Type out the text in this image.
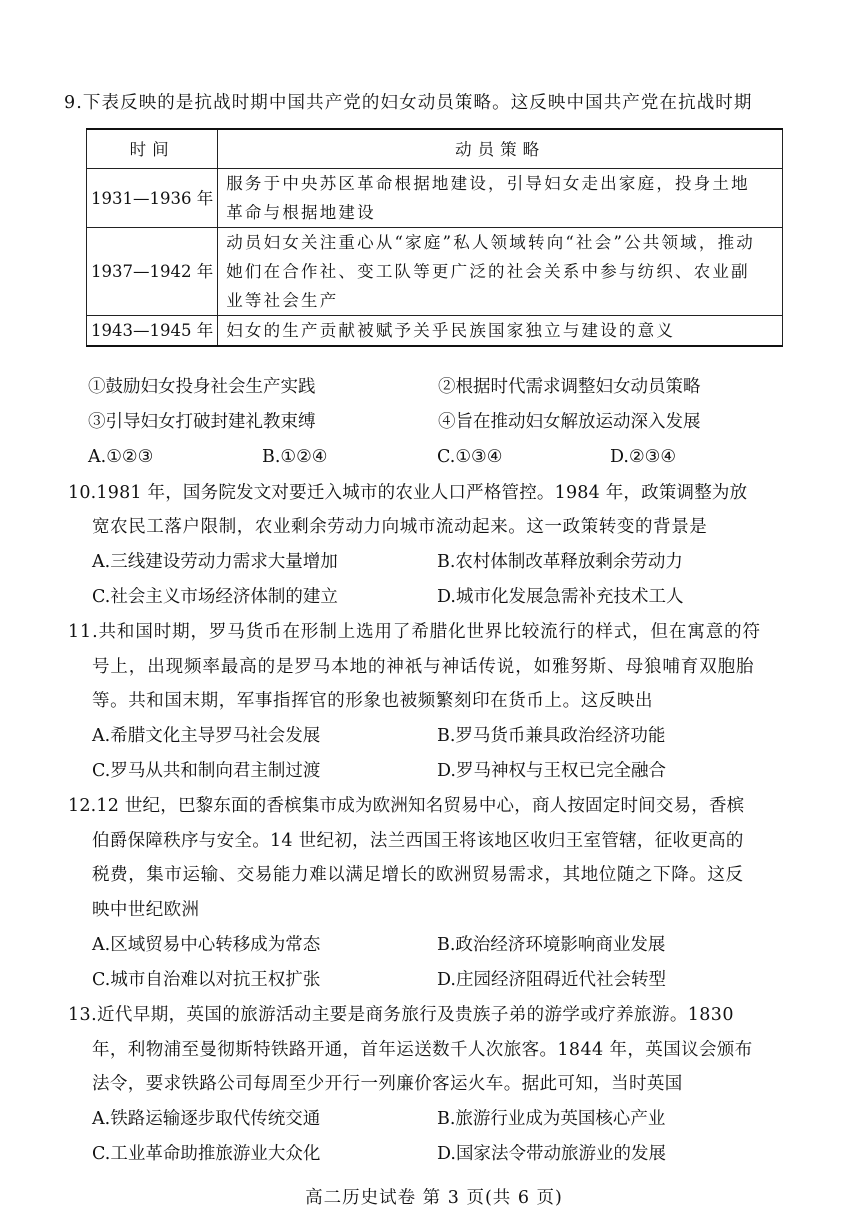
9.下表反映的是抗战时期中国共产党的妇女动员策略。这反映中国共产党在抗战时期
时间	动员策略
1931—1936 年	服务于中央苏区革命根据地建设，引导妇女走出家庭，投身土地
革命与根据地建设

1937—1942 年	动员妇女关注重心从“家庭”私人领域转向“社会”公共领域，推动
她们在合作社、变工队等更广泛的社会关系中参与纺织、农业副
业等社会生产

1943—1945 年	妇女的生产贡献被赋予关乎民族国家独立与建设的意义
①鼓励妇女投身社会生产实践	②根据时代需求调整妇女动员策略
③引导妇女打破封建礼教束缚	④旨在推动妇女解放运动深入发展
A.①②③	B.①②④	C.①③④	D.②③④
10.1981 年，国务院发文对要迁入城市的农业人口严格管控。1984 年，政策调整为放
宽农民工落户限制，农业剩余劳动力向城市流动起来。这一政策转变的背景是
A.三线建设劳动力需求大量增加	B.农村体制改革释放剩余劳动力
C.社会主义市场经济体制的建立	D.城市化发展急需补充技术工人
11.共和国时期，罗马货币在形制上选用了希腊化世界比较流行的样式，但在寓意的符
号上，出现频率最高的是罗马本地的神祇与神话传说，如雅努斯、母狼哺育双胞胎
等。共和国末期，军事指挥官的形象也被频繁刻印在货币上。这反映出
A.希腊文化主导罗马社会发展	B.罗马货币兼具政治经济功能
C.罗马从共和制向君主制过渡	D.罗马神权与王权已完全融合
12.12 世纪，巴黎东面的香槟集市成为欧洲知名贸易中心，商人按固定时间交易，香槟
伯爵保障秩序与安全。14 世纪初，法兰西国王将该地区收归王室管辖，征收更高的
税费，集市运输、交易能力难以满足增长的欧洲贸易需求，其地位随之下降。这反
映中世纪欧洲
A.区域贸易中心转移成为常态	B.政治经济环境影响商业发展
C.城市自治难以对抗王权扩张	D.庄园经济阻碍近代社会转型
13.近代早期，英国的旅游活动主要是商务旅行及贵族子弟的游学或疗养旅游。1830
年，利物浦至曼彻斯特铁路开通，首年运送数千人次旅客。1844 年，英国议会颁布
法令，要求铁路公司每周至少开行一列廉价客运火车。据此可知，当时英国
A.铁路运输逐步取代传统交通	B.旅游行业成为英国核心产业
C.工业革命助推旅游业大众化	D.国家法令带动旅游业的发展
高二历史试卷 第 3 页(共 6 页)
